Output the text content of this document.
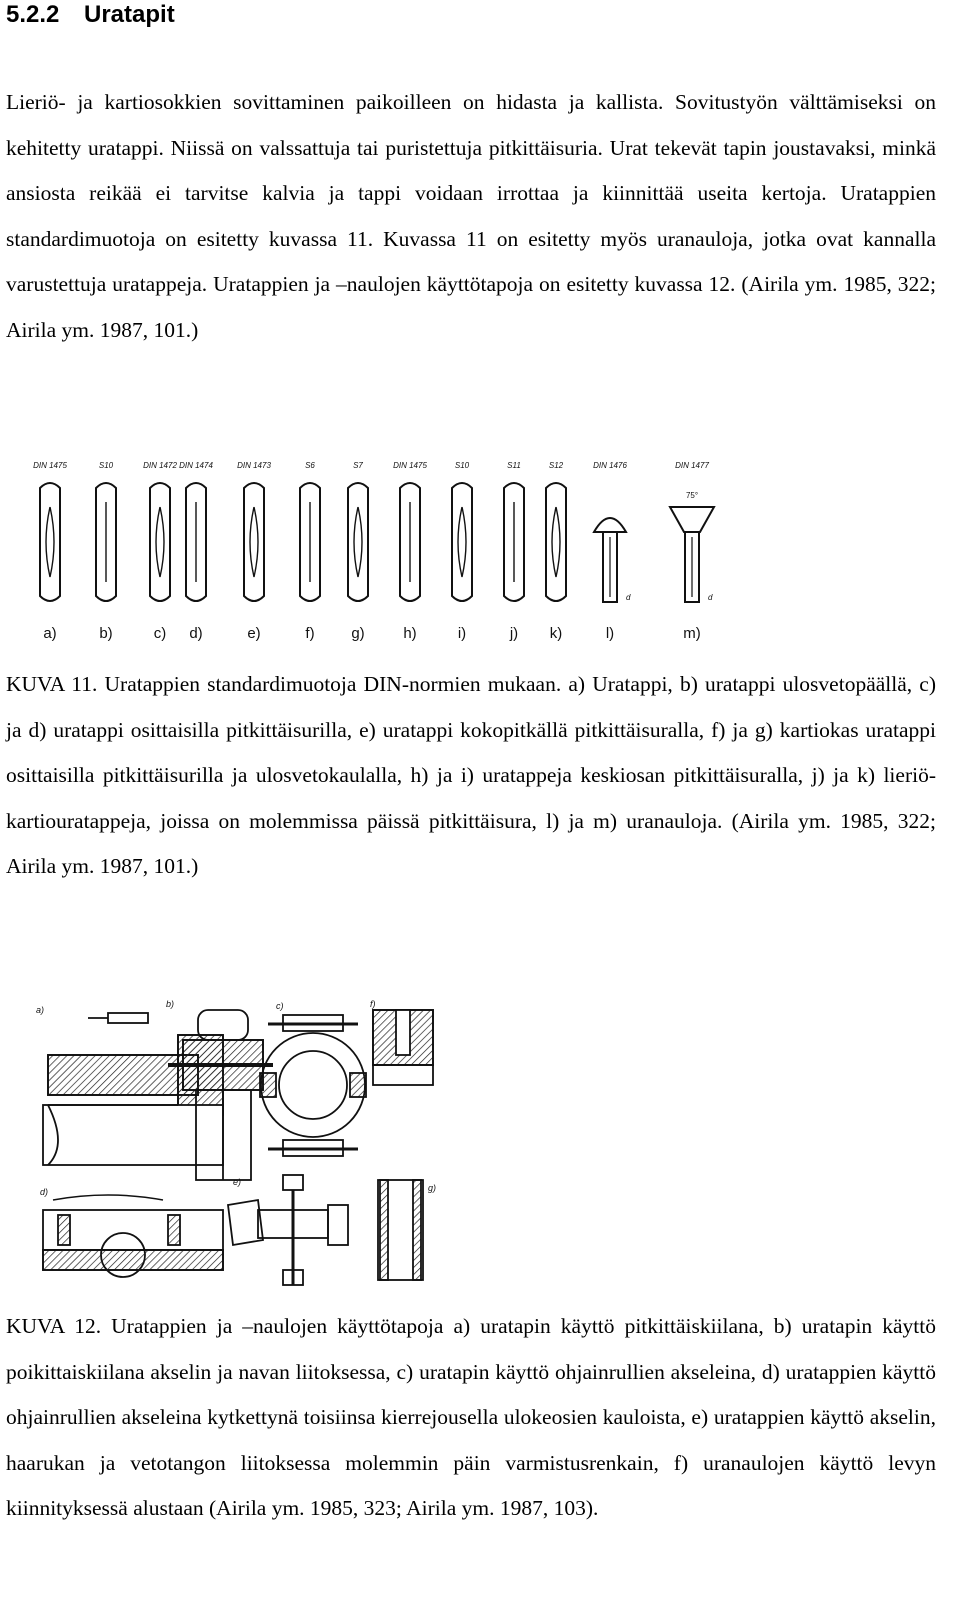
5.2.2 Uratapit

Lieriö- ja kartiosokkien sovittaminen paikoilleen on hidasta ja kallista. Sovitustyön välttämiseksi on kehitetty uratappi. Niissä on valssattuja tai puristettuja pitkittäisuria. Urat tekevät tapin joustavaksi, minkä ansiosta reikää ei tarvitse kalvia ja tappi voidaan irrottaa ja kiinnittää useita kertoja. Uratappien standardimuotoja on esitetty kuvassa 11. Kuvassa 11 on esitetty myös uranauloja, jotka ovat kannalla varustettuja uratappeja. Uratappien ja –naulojen käyttötapoja on esitetty kuvassa 12. (Airila ym. 1985, 322; Airila ym. 1987, 101.)

DIN 1475	S10	DIN 1472 DIN 1474	DIN 1473	S6	S7	DIN 1475	S10	S11	S12	DIN 1476	DIN 1477
d
75°
d
a)	b)	c) d)	e)	f) g)	h)	i)	j) k)	l)	m)

KUVA 11. Uratappien standardimuotoja DIN-normien mukaan. a) Uratappi, b) uratappi ulosvetopäällä, c) ja d) uratappi osittaisilla pitkittäisurilla, e) uratappi kokopitkällä pitkittäisuralla, f) ja g) kartiokas uratappi osittaisilla pitkittäisurilla ja ulosvetokaulalla, h) ja i) uratappeja keskiosan pitkittäisuralla, j) ja k) lieriö-kartiouratappeja, joissa on molemmissa päissä pitkittäisura, l) ja m) uranauloja. (Airila ym. 1985, 322; Airila ym. 1987, 101.)

a)
b)	c)	f)
d)
e)
g)

KUVA 12. Uratappien ja –naulojen käyttötapoja a) uratapin käyttö pitkittäiskiilana, b) uratapin käyttö poikittaiskiilana akselin ja navan liitoksessa, c) uratapin käyttö ohjainrullien akseleina, d) uratappien käyttö ohjainrullien akseleina kytkettynä toisiinsa kierrejousella ulokeosien kauloista, e) uratappien käyttö akselin, haarukan ja vetotangon liitoksessa molemmin päin varmistusrenkain, f) uranaulojen käyttö levyn kiinnityksessä alustaan (Airila ym. 1985, 323; Airila ym. 1987, 103).
